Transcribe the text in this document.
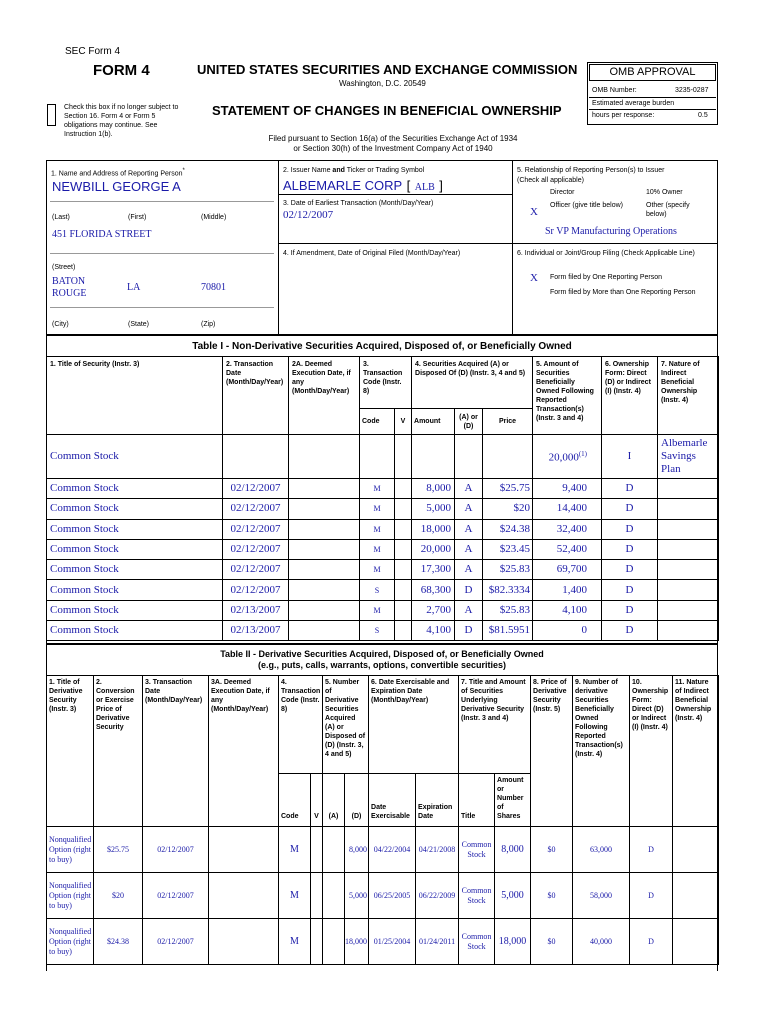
SEC Form 4
FORM 4	UNITED STATES SECURITIES AND EXCHANGE COMMISSION
Washington, D.C. 20549
Check this box if no longer subject to Section 16. Form 4 or Form 5 obligations may continue. See Instruction 1(b).
STATEMENT OF CHANGES IN BENEFICIAL OWNERSHIP
Filed pursuant to Section 16(a) of the Securities Exchange Act of 1934
or Section 30(h) of the Investment Company Act of 1940
OMB APPROVAL
OMB Number:	3235-0287
Estimated average burden
hours per response:	0.5
1. Name and Address of Reporting Person*
NEWBILL GEORGE A
(Last)	(First)	(Middle)
451 FLORIDA STREET
(Street)
BATON ROUGE
LA	70801
(City)	(State)	(Zip)
2. Issuer Name and Ticker or Trading Symbol
ALBEMARLE CORP [ ALB ]
3. Date of Earliest Transaction (Month/Day/Year)
02/12/2007
4. If Amendment, Date of Original Filed (Month/Day/Year)
5. Relationship of Reporting Person(s) to Issuer
(Check all applicable)
Director	10% Owner
X
Officer (give title below)	Other (specify below)
Sr VP Manufacturing Operations
6. Individual or Joint/Group Filing (Check Applicable Line)
X Form filed by One Reporting Person
Form filed by More than One Reporting Person
Table I - Non-Derivative Securities Acquired, Disposed of, or Beneficially Owned
1. Title of Security (Instr. 3)	2. Transaction Date (Month/Day/Year)	2A. Deemed Execution Date, if any (Month/Day/Year)	3. Transaction Code (Instr. 8)		4. Securities Acquired (A) or Disposed Of (D) (Instr. 3, 4 and 5)			5. Amount of Securities Beneficially Owned Following Reported Transaction(s) (Instr. 3 and 4)	6. Ownership Form: Direct (D) or Indirect (I) (Instr. 4)	7. Nature of Indirect Beneficial Ownership (Instr. 4)
			Code	V	Amount	(A) or (D)	Price			
Common Stock								20,000$^{(1)}$	I	Albemarle Savings Plan
Common Stock	02/12/2007		M		8,000	A	$25.75	9,400	D	
Common Stock	02/12/2007		M		5,000	A	$20	14,400	D	
Common Stock	02/12/2007		M		18,000	A	$24.38	32,400	D	
Common Stock	02/12/2007		M		20,000	A	$23.45	52,400	D	
Common Stock	02/12/2007		M		17,300	A	$25.83	69,700	D	
Common Stock	02/12/2007		S		68,300	D	$82.3334	1,400	D	
Common Stock	02/13/2007		M		2,700	A	$25.83	4,100	D	
Common Stock	02/13/2007		S		4,100	D	$81.5951	0	D	
Table II - Derivative Securities Acquired, Disposed of, or Beneficially Owned
(e.g., puts, calls, warrants, options, convertible securities)
1. Title of Derivative Security (Instr. 3)	2. Conversion or Exercise Price of Derivative Security	3. Transaction Date (Month/Day/Year)	3A. Deemed Execution Date, if any (Month/Day/Year)	4. Transaction Code (Instr. 8)		5. Number of Derivative Securities Acquired (A) or Disposed of (D) (Instr. 3, 4 and 5)		6. Date Exercisable and Expiration Date (Month/Day/Year)		7. Title and Amount of Securities Underlying Derivative Security (Instr. 3 and 4)		8. Price of Derivative Security (Instr. 5)	9. Number of derivative Securities Beneficially Owned Following Reported Transaction(s) (Instr. 4)	10. Ownership Form: Direct (D) or Indirect (I) (Instr. 4)	11. Nature of Indirect Beneficial Ownership (Instr. 4)
				Code	V	(A)	(D)	Date Exercisable	Expiration Date	Title	Amount or Number of Shares				
Nonqualified Option (right to buy)	$25.75	02/12/2007		M			8,000	04/22/2004	04/21/2008	Common Stock	8,000	$0	63,000	D	
Nonqualified Option (right to buy)	$20	02/12/2007		M			5,000	06/25/2005	06/22/2009	Common Stock	5,000	$0	58,000	D	
Nonqualified Option (right to buy)	$24.38	02/12/2007		M			18,000	01/25/2004	01/24/2011	Common Stock	18,000	$0	40,000	D	
